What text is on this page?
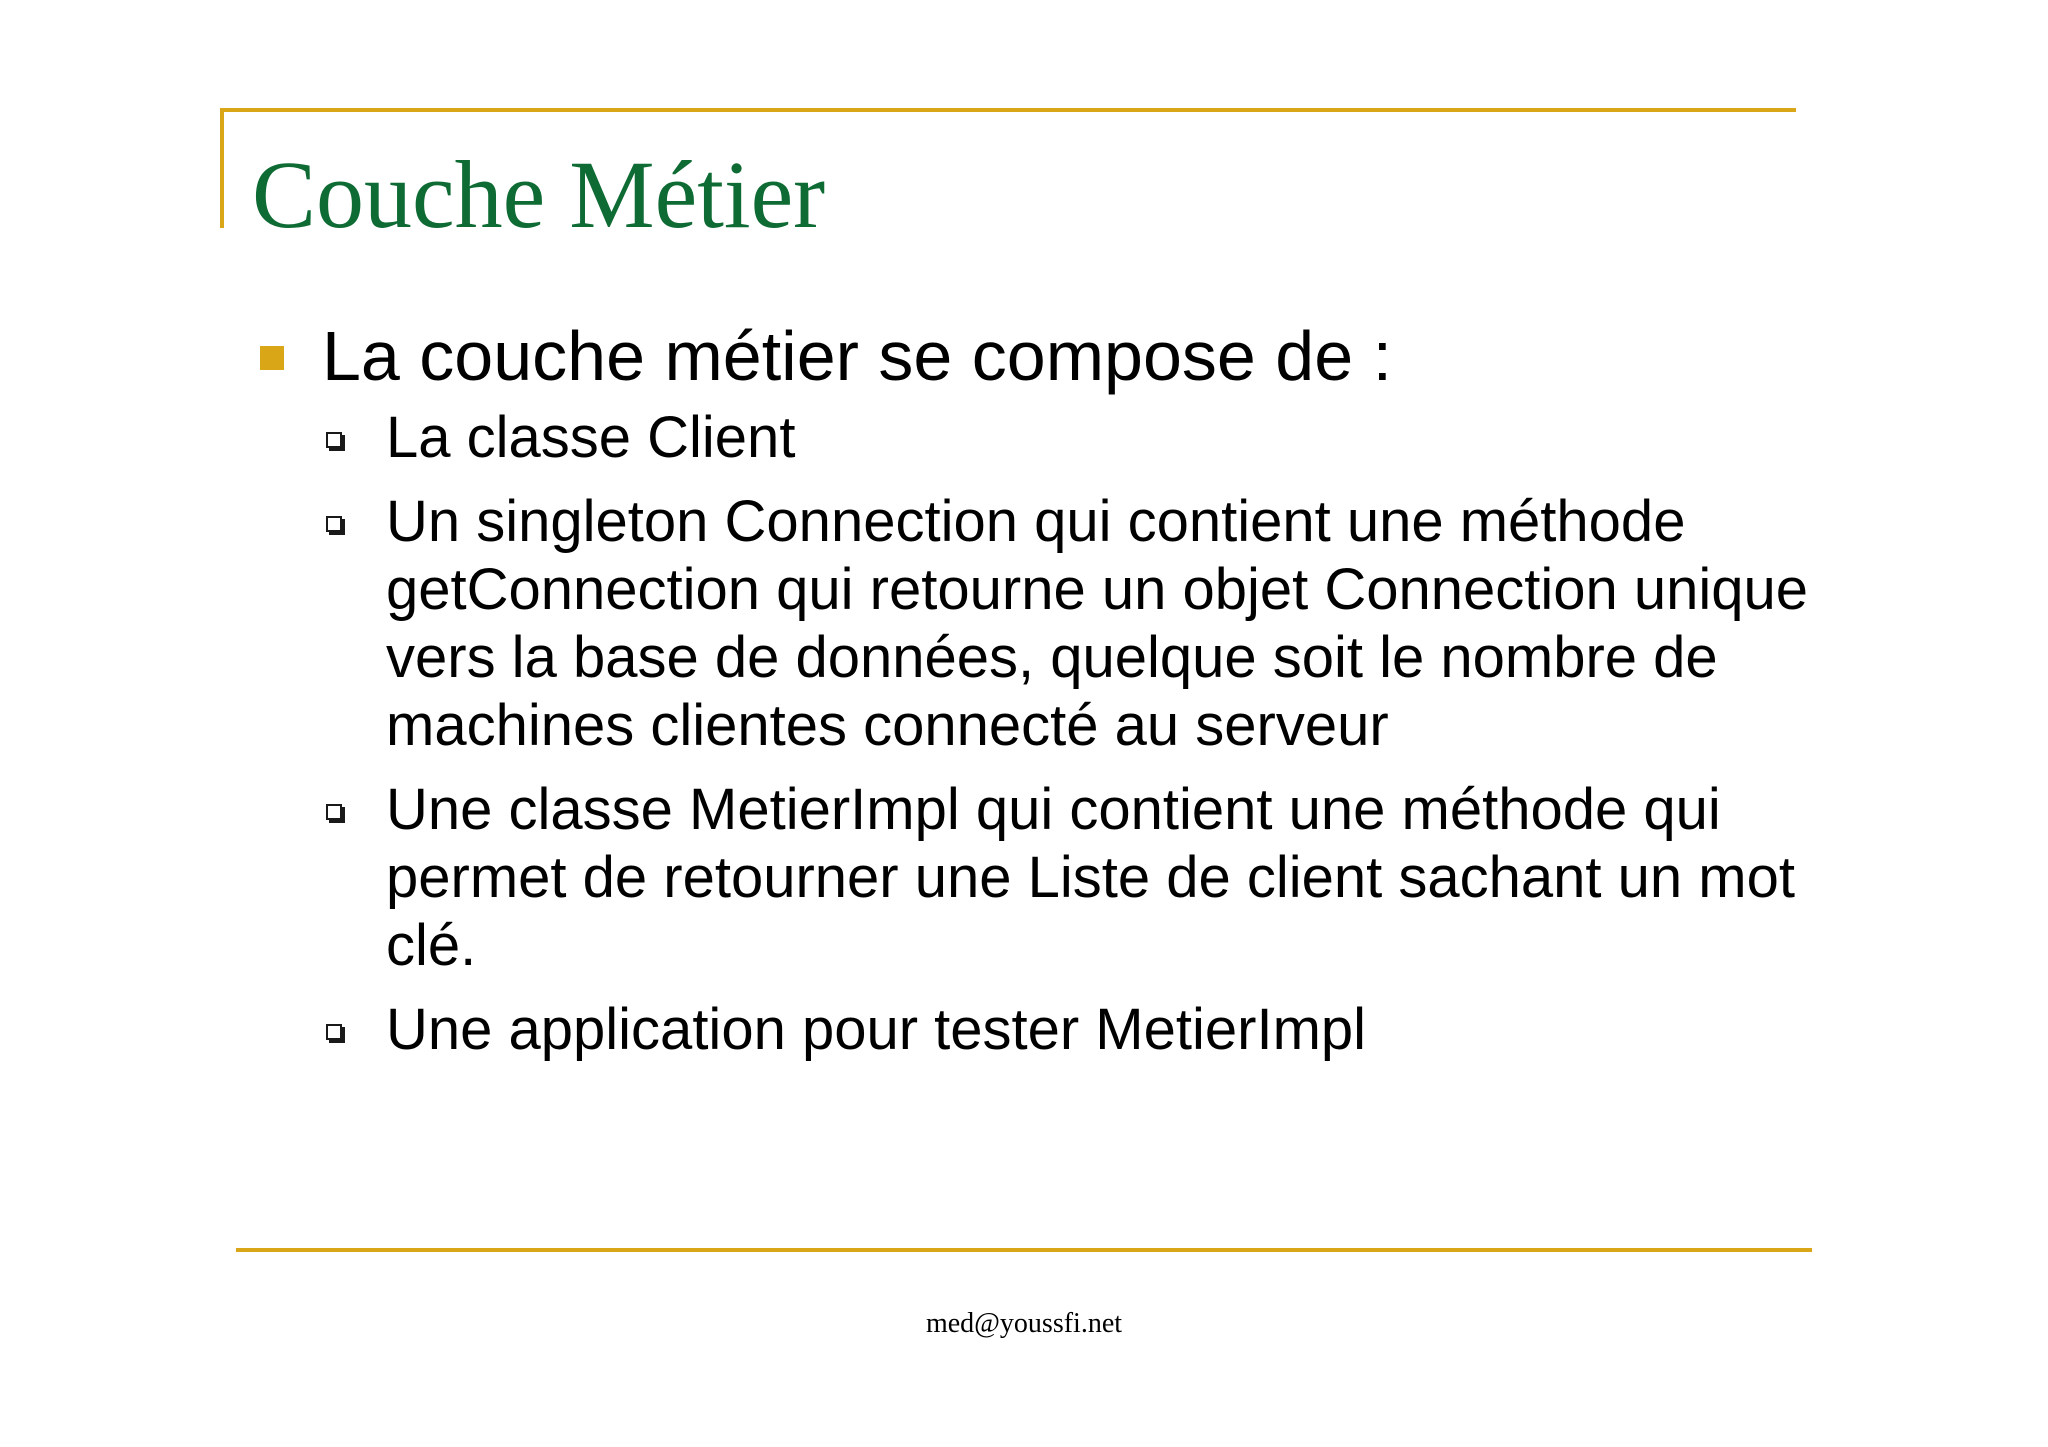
Couche Métier
La couche métier se compose de :
La classe Client
Un singleton Connection qui contient une méthode getConnection qui retourne un objet Connection unique vers la base de données, quelque soit le nombre de machines clientes connecté au serveur
Une classe MetierImpl qui contient une méthode qui permet de retourner une Liste de client sachant un mot clé.
Une application pour tester MetierImpl
med@youssfi.net
